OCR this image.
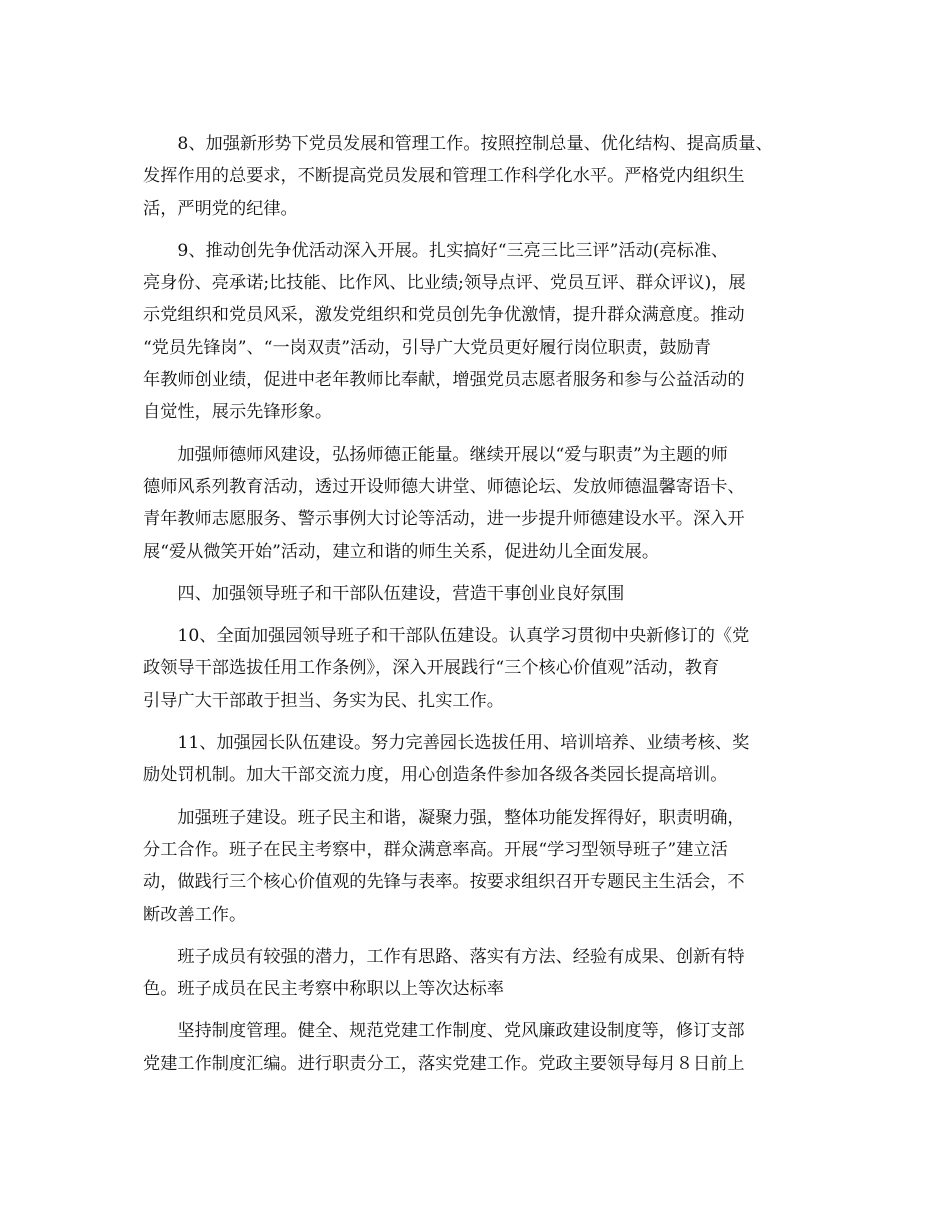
8、加强新形势下党员发展和管理工作。按照控制总量、优化结构、提高质量、
发挥作用的总要求，不断提高党员发展和管理工作科学化水平。严格党内组织生
活，严明党的纪律。

9、推动创先争优活动深入开展。扎实搞好“三亮三比三评”活动(亮标准、
亮身份、亮承诺;比技能、比作风、比业绩;领导点评、党员互评、群众评议)，展
示党组织和党员风采，激发党组织和党员创先争优激情，提升群众满意度。推动
“党员先锋岗”、“一岗双责”活动，引导广大党员更好履行岗位职责，鼓励青
年教师创业绩，促进中老年教师比奉献，增强党员志愿者服务和参与公益活动的
自觉性，展示先锋形象。

加强师德师风建设，弘扬师德正能量。继续开展以“爱与职责”为主题的师
德师风系列教育活动，透过开设师德大讲堂、师德论坛、发放师德温馨寄语卡、
青年教师志愿服务、警示事例大讨论等活动，进一步提升师德建设水平。深入开
展“爱从微笑开始”活动，建立和谐的师生关系，促进幼儿全面发展。

四、加强领导班子和干部队伍建设，营造干事创业良好氛围

10、全面加强园领导班子和干部队伍建设。认真学习贯彻中央新修订的《党
政领导干部选拔任用工作条例》，深入开展践行“三个核心价值观”活动，教育
引导广大干部敢于担当、务实为民、扎实工作。

11、加强园长队伍建设。努力完善园长选拔任用、培训培养、业绩考核、奖
励处罚机制。加大干部交流力度，用心创造条件参加各级各类园长提高培训。

加强班子建设。班子民主和谐，凝聚力强，整体功能发挥得好，职责明确，
分工合作。班子在民主考察中，群众满意率高。开展“学习型领导班子”建立活
动，做践行三个核心价值观的先锋与表率。按要求组织召开专题民主生活会，不
断改善工作。

班子成员有较强的潜力，工作有思路、落实有方法、经验有成果、创新有特
色。班子成员在民主考察中称职以上等次达标率

坚持制度管理。健全、规范党建工作制度、党风廉政建设制度等，修订支部
党建工作制度汇编。进行职责分工，落实党建工作。党政主要领导每月８日前上
